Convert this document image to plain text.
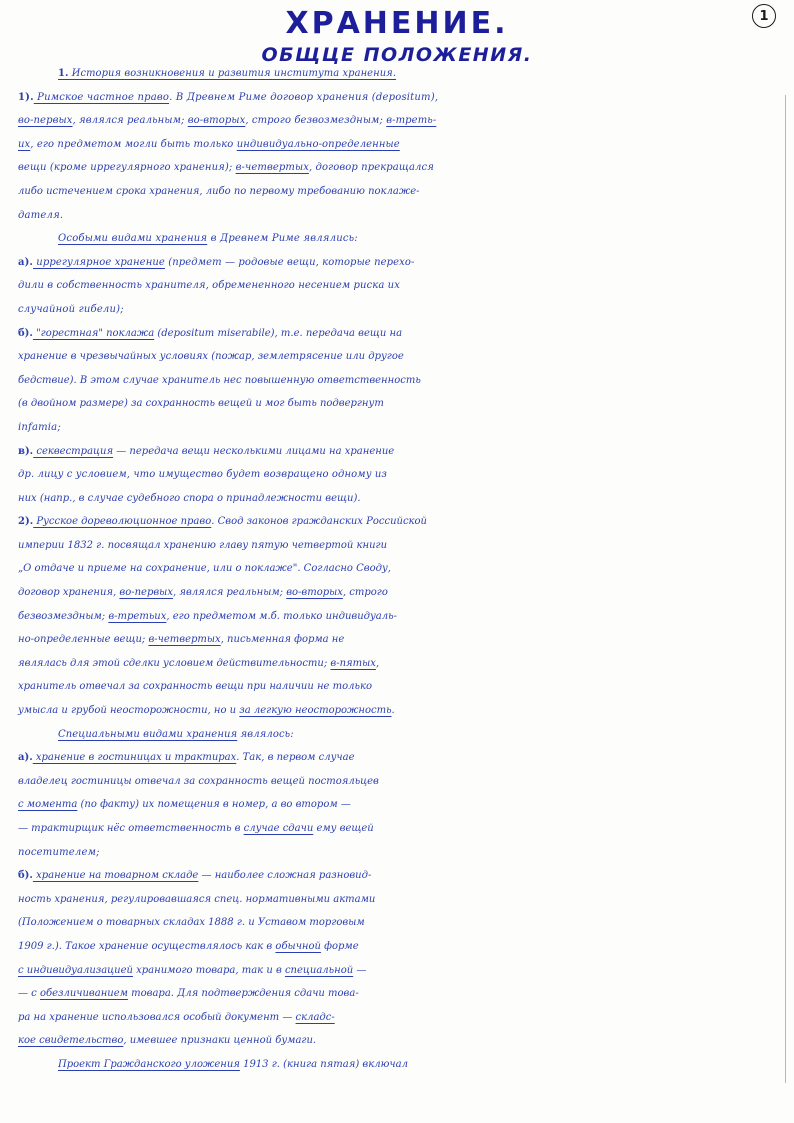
1
ХРАНЕНИЕ.
ОБЩЦЕ ПОЛОЖЕНИЯ.
1. История возникновения и развития института хранения.
1). Римское частное право. В Древнем Риме договор хранения (depositum),
во-первых, являлся реальным; во-вторых, строго безвозмездным; в-треть-
их, его предметом могли быть только индивидуально-определенные
вещи (кроме иррегулярного хранения); в-четвертых, договор прекращался
либо истечением срока хранения, либо по первому требованию поклаже-
дателя.
Особыми видами хранения в Древнем Риме являлись:
а). иррегулярное хранение (предмет — родовые вещи, которые перехо-
дили в собственность хранителя, обремененного несением риска их
случайной гибели);
б). "горестная" поклажа (depositum miserabile), т.е. передача вещи на
хранение в чрезвычайных условиях (пожар, землетрясение или другое
бедствие). В этом случае хранитель нес повышенную ответственность
(в двойном размере) за сохранность вещей и мог быть подвергнут
infamia;
в). секвестрация — передача вещи несколькими лицами на хранение
др. лицу с условием, что имущество будет возвращено одному из
них (напр., в случае судебного спора о принадлежности вещи).
2). Русское дореволюционное право. Свод законов гражданских Российской
империи 1832 г. посвящал хранению главу пятую четвертой книги
„О отдаче и приеме на сохранение, или о поклаже". Согласно Своду,
договор хранения, во-первых, являлся реальным; во-вторых, строго
безвозмездным; в-третьих, его предметом м.б. только индивидуаль-
но-определенные вещи; в-четвертых, письменная форма не
являлась для этой сделки условием действительности; в-пятых,
хранитель отвечал за сохранность вещи при наличии не только
умысла и грубой неосторожности, но и за легкую неосторожность.
Специальными видами хранения являлось:
а). хранение в гостиницах и трактирах. Так, в первом случае
владелец гостиницы отвечал за сохранность вещей постояльцев
с момента (по факту) их помещения в номер, а во втором —
— трактирщик нёс ответственность в случае сдачи ему вещей
посетителем;
б). хранение на товарном складе — наиболее сложная разновид-
ность хранения, регулировавшаяся спец. нормативными актами
(Положением о товарных складах 1888 г. и Уставом торговым
1909 г.). Такое хранение осуществлялось как в обычной форме
с индивидуализацией хранимого товара, так и в специальной —
— с обезличиванием товара. Для подтверждения сдачи това-
ра на хранение использовался особый документ — складс-
кое свидетельство, имевшее признаки ценной бумаги.
Проект Гражданского уложения 1913 г. (книга пятая) включал
